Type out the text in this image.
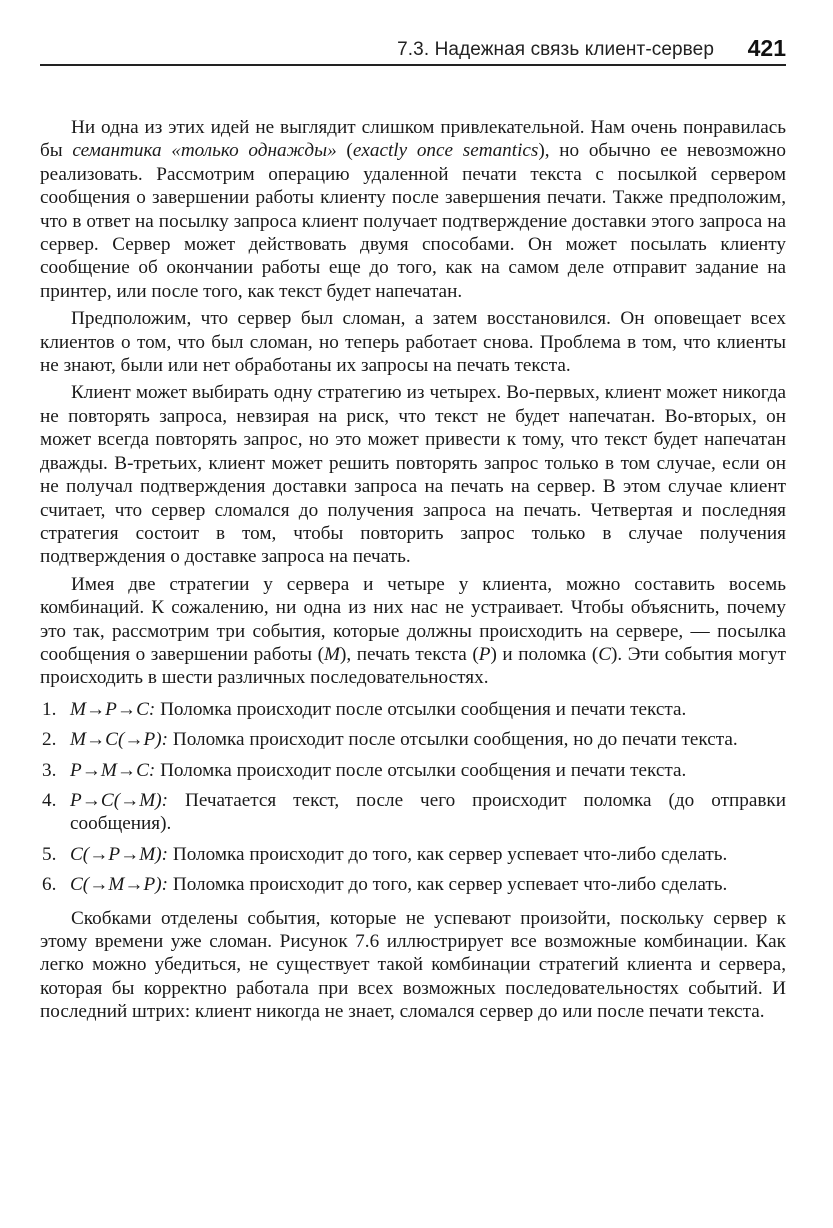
7.3. Надежная связь клиент-сервер 421

Ни одна из этих идей не выглядит слишком привлекательной. Нам очень понравилась бы семантика «только однажды» (exactly once semantics), но обычно ее невозможно реализовать. Рассмотрим операцию удаленной печати текста с посылкой сервером сообщения о завершении работы клиенту после завершения печати. Также предположим, что в ответ на посылку запроса клиент получает подтверждение доставки этого запроса на сервер. Сервер может действовать двумя способами. Он может посылать клиенту сообщение об окончании работы еще до того, как на самом деле отправит задание на принтер, или после того, как текст будет напечатан.

Предположим, что сервер был сломан, а затем восстановился. Он оповещает всех клиентов о том, что был сломан, но теперь работает снова. Проблема в том, что клиенты не знают, были или нет обработаны их запросы на печать текста.

Клиент может выбирать одну стратегию из четырех. Во-первых, клиент может никогда не повторять запроса, невзирая на риск, что текст не будет напечатан. Во-вторых, он может всегда повторять запрос, но это может привести к тому, что текст будет напечатан дважды. В-третьих, клиент может решить повторять запрос только в том случае, если он не получал подтверждения доставки запроса на печать на сервер. В этом случае клиент считает, что сервер сломался до получения запроса на печать. Четвертая и последняя стратегия состоит в том, чтобы повторить запрос только в случае получения подтверждения о доставке запроса на печать.

Имея две стратегии у сервера и четыре у клиента, можно составить восемь комбинаций. К сожалению, ни одна из них нас не устраивает. Чтобы объяснить, почему это так, рассмотрим три события, которые должны происходить на сервере, — посылка сообщения о завершении работы (M), печать текста (P) и поломка (C). Эти события могут происходить в шести различных последовательностях.

1. M→P→C: Поломка происходит после отсылки сообщения и печати текста.
2. M→C(→P): Поломка происходит после отсылки сообщения, но до печати текста.
3. P→M→C: Поломка происходит после отсылки сообщения и печати текста.
4. P→C(→M): Печатается текст, после чего происходит поломка (до отправки сообщения).
5. C(→P→M): Поломка происходит до того, как сервер успевает что-либо сделать.
6. C(→M→P): Поломка происходит до того, как сервер успевает что-либо сделать.

Скобками отделены события, которые не успевают произойти, поскольку сервер к этому времени уже сломан. Рисунок 7.6 иллюстрирует все возможные комбинации. Как легко можно убедиться, не существует такой комбинации стратегий клиента и сервера, которая бы корректно работала при всех возможных последовательностях событий. И последний штрих: клиент никогда не знает, сломался сервер до или после печати текста.
